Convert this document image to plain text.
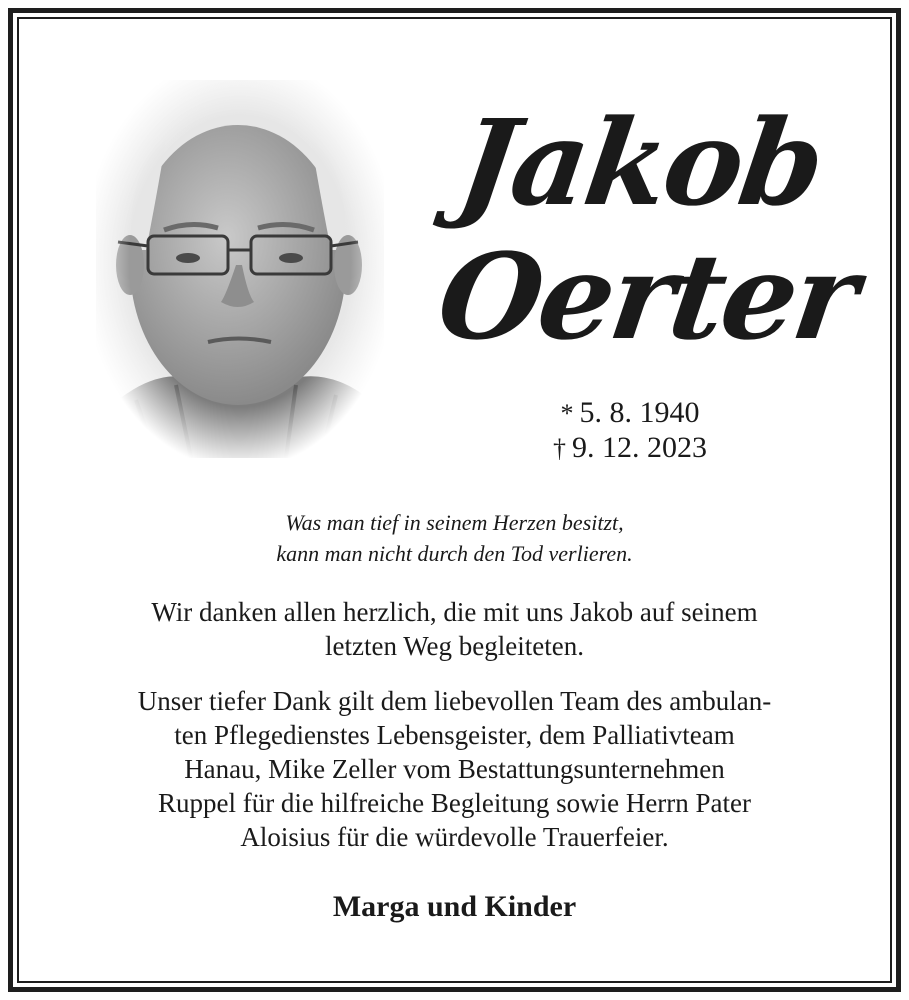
Jakob
Oerter
* 5. 8. 1940
† 9. 12. 2023
Was man tief in seinem Herzen besitzt,
kann man nicht durch den Tod verlieren.
Wir danken allen herzlich, die mit uns Jakob auf seinem
letzten Weg begleiteten.
Unser tiefer Dank gilt dem liebevollen Team des ambulan-
ten Pflegedienstes Lebensgeister, dem Palliativteam
Hanau, Mike Zeller vom Bestattungsunternehmen
Ruppel für die hilfreiche Begleitung sowie Herrn Pater
Aloisius für die würdevolle Trauerfeier.
Marga und Kinder
